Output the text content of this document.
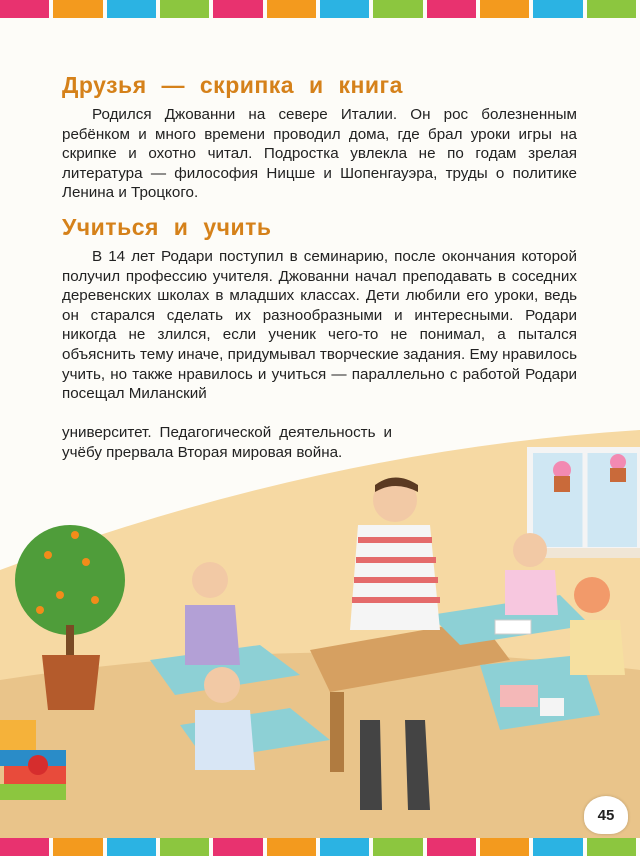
Друзья — скрипка и книга

Родился Джованни на севере Италии. Он рос болезненным ребёнком и много времени проводил дома, где брал уроки игры на скрипке и охотно читал. Подростка увлекла не по годам зрелая литература — философия Ницше и Шопенгауэра, труды о политике Ленина и Троцкого.

Учиться и учить

В 14 лет Родари поступил в семинарию, после окончания которой получил профессию учителя. Джованни начал преподавать в соседних деревенских школах в младших классах. Дети любили его уроки, ведь он старался сделать их разнообразными и интересными. Родари никогда не злился, если ученик чего-то не понимал, а пытался объяснить тему иначе, придумывал творческие задания. Ему нравилось учить, но также нравилось и учиться — параллельно с работой Родари посещал Миланский

университет. Педагогической деятельность и учёбу прервала Вторая мировая война.

45
